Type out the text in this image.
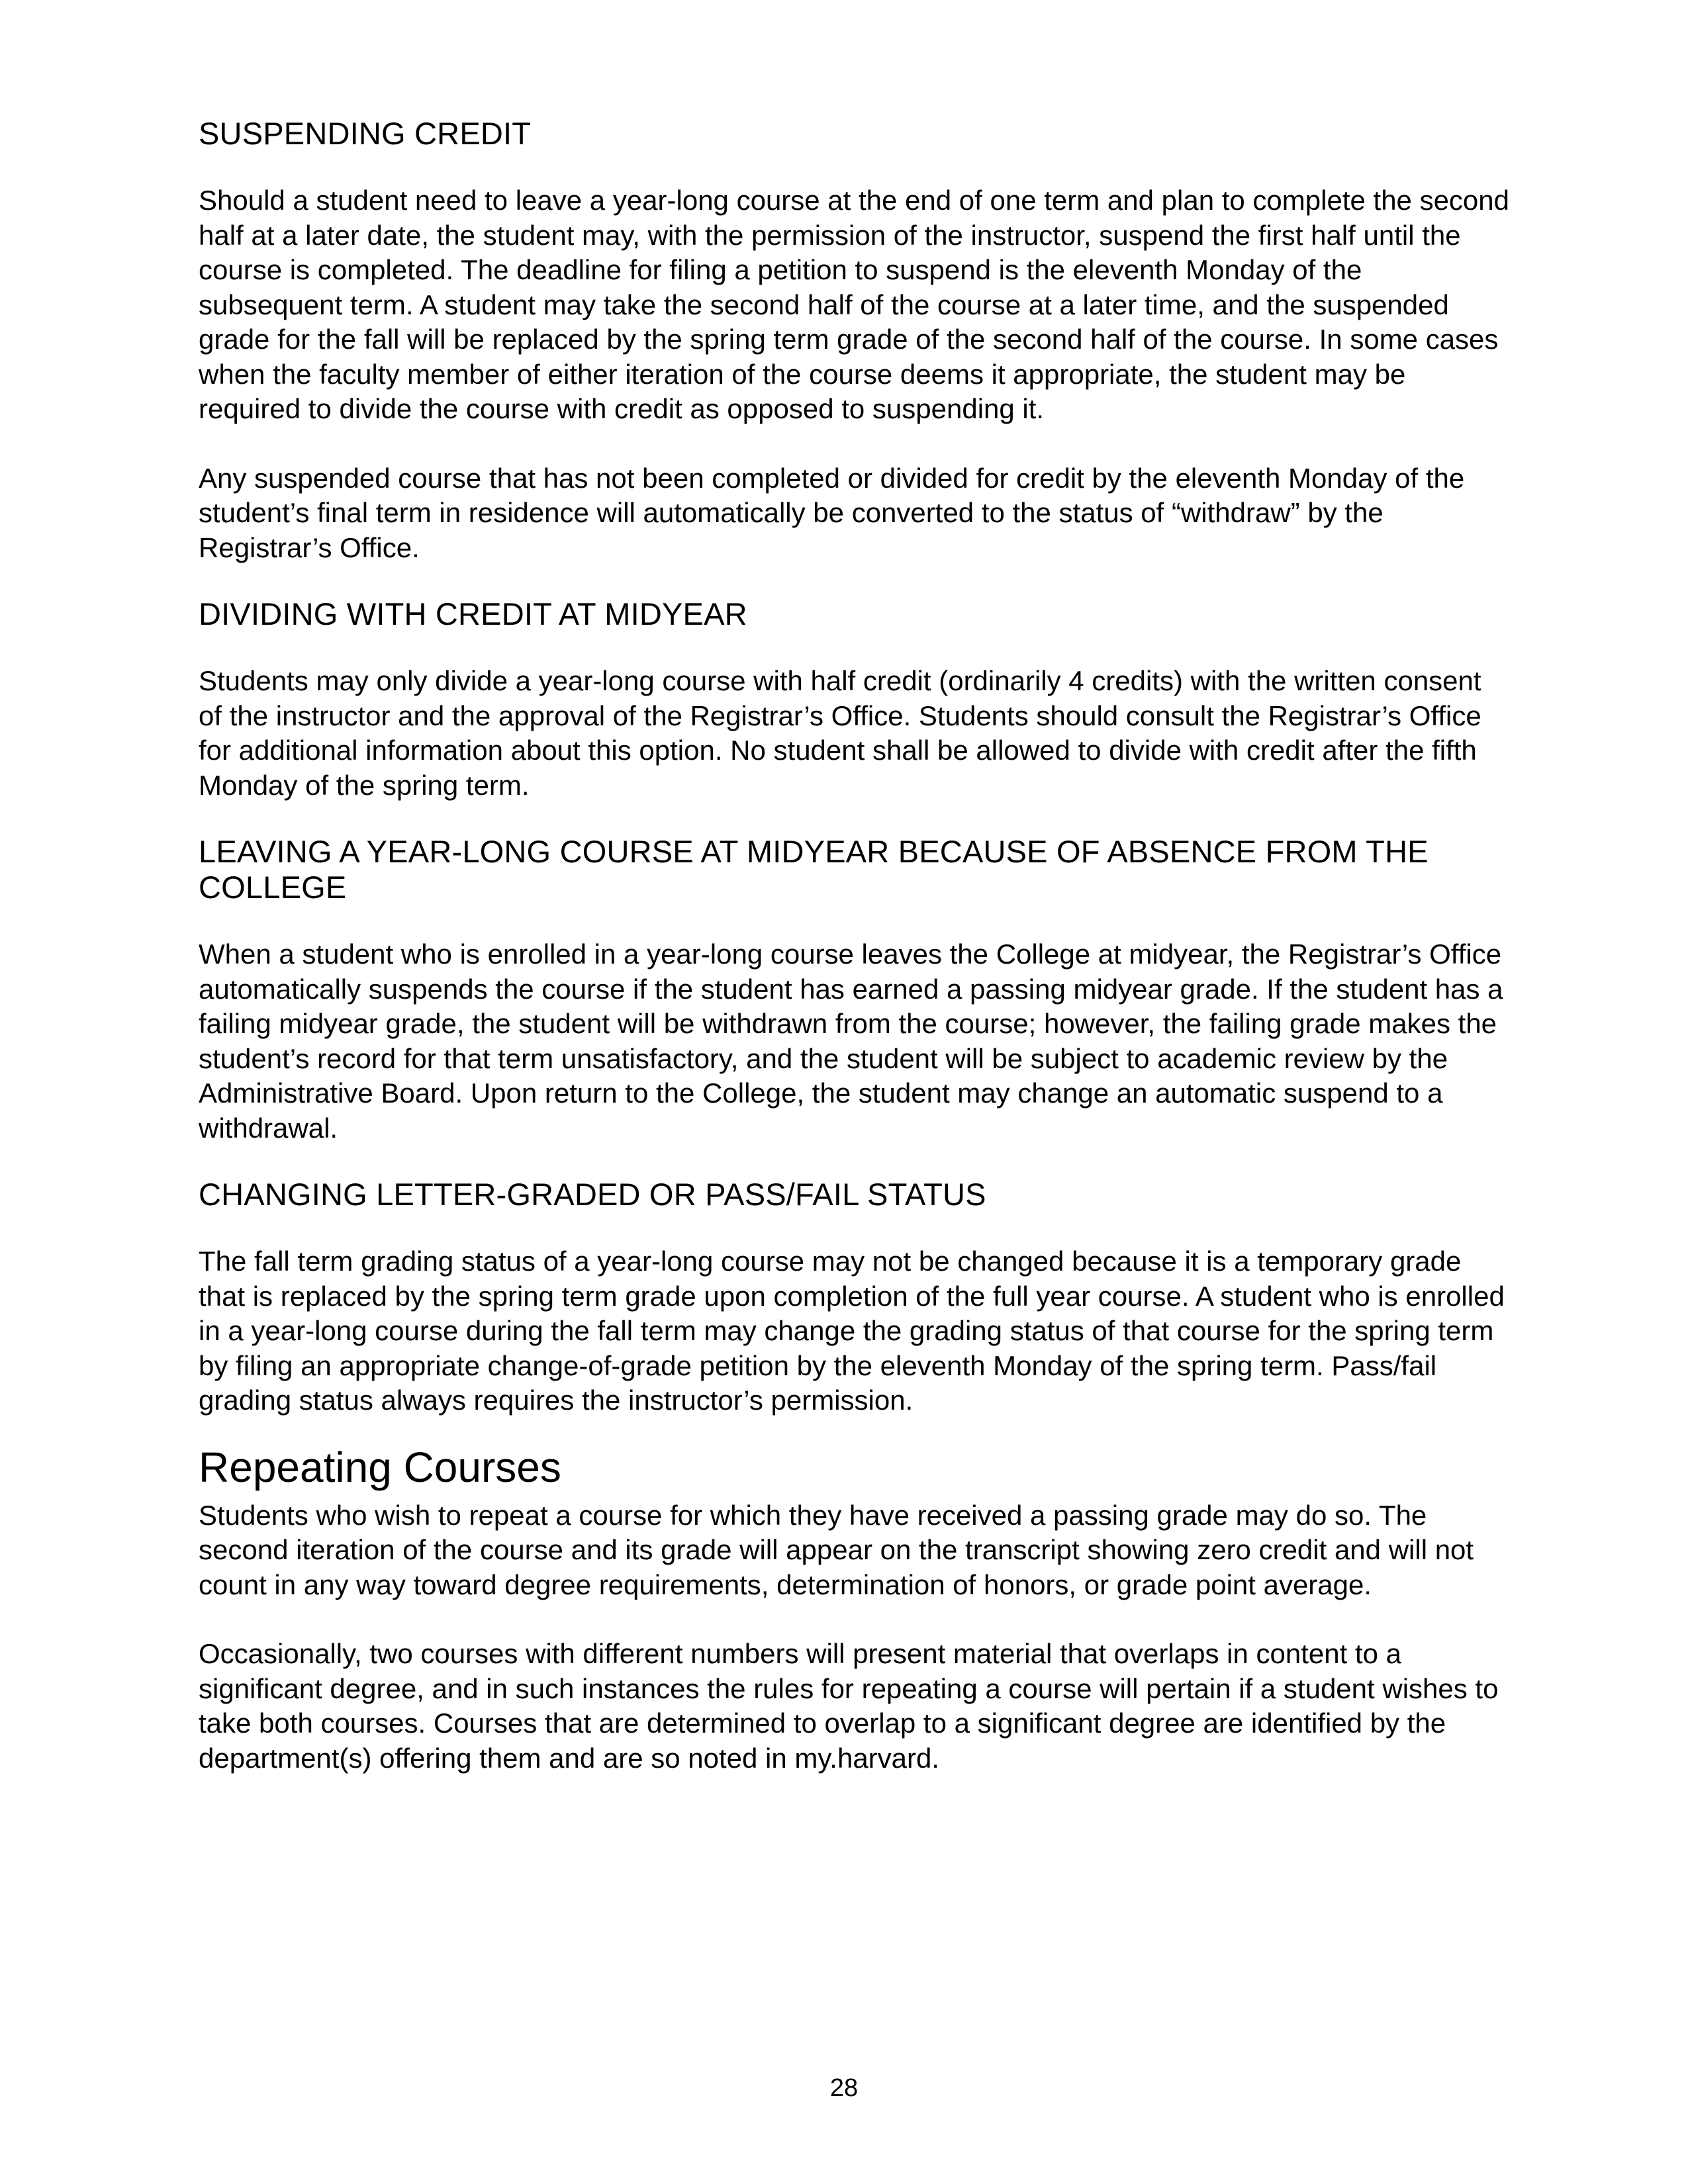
SUSPENDING CREDIT

Should a student need to leave a year-long course at the end of one term and plan to complete the second half at a later date, the student may, with the permission of the instructor, suspend the first half until the course is completed. The deadline for filing a petition to suspend is the eleventh Monday of the subsequent term. A student may take the second half of the course at a later time, and the suspended grade for the fall will be replaced by the spring term grade of the second half of the course. In some cases when the faculty member of either iteration of the course deems it appropriate, the student may be required to divide the course with credit as opposed to suspending it.

Any suspended course that has not been completed or divided for credit by the eleventh Monday of the student’s final term in residence will automatically be converted to the status of “withdraw” by the Registrar’s Office.

DIVIDING WITH CREDIT AT MIDYEAR

Students may only divide a year-long course with half credit (ordinarily 4 credits) with the written consent of the instructor and the approval of the Registrar’s Office. Students should consult the Registrar’s Office for additional information about this option. No student shall be allowed to divide with credit after the fifth Monday of the spring term.

LEAVING A YEAR-LONG COURSE AT MIDYEAR BECAUSE OF ABSENCE FROM THE COLLEGE

When a student who is enrolled in a year-long course leaves the College at midyear, the Registrar’s Office automatically suspends the course if the student has earned a passing midyear grade. If the student has a failing midyear grade, the student will be withdrawn from the course; however, the failing grade makes the student’s record for that term unsatisfactory, and the student will be subject to academic review by the Administrative Board. Upon return to the College, the student may change an automatic suspend to a withdrawal.

CHANGING LETTER-GRADED OR PASS/FAIL STATUS

The fall term grading status of a year-long course may not be changed because it is a temporary grade that is replaced by the spring term grade upon completion of the full year course. A student who is enrolled in a year-long course during the fall term may change the grading status of that course for the spring term by filing an appropriate change-of-grade petition by the eleventh Monday of the spring term. Pass/fail grading status always requires the instructor’s permission.

Repeating Courses

Students who wish to repeat a course for which they have received a passing grade may do so. The second iteration of the course and its grade will appear on the transcript showing zero credit and will not count in any way toward degree requirements, determination of honors, or grade point average.

Occasionally, two courses with different numbers will present material that overlaps in content to a significant degree, and in such instances the rules for repeating a course will pertain if a student wishes to take both courses. Courses that are determined to overlap to a significant degree are identified by the department(s) offering them and are so noted in my.harvard.

28
